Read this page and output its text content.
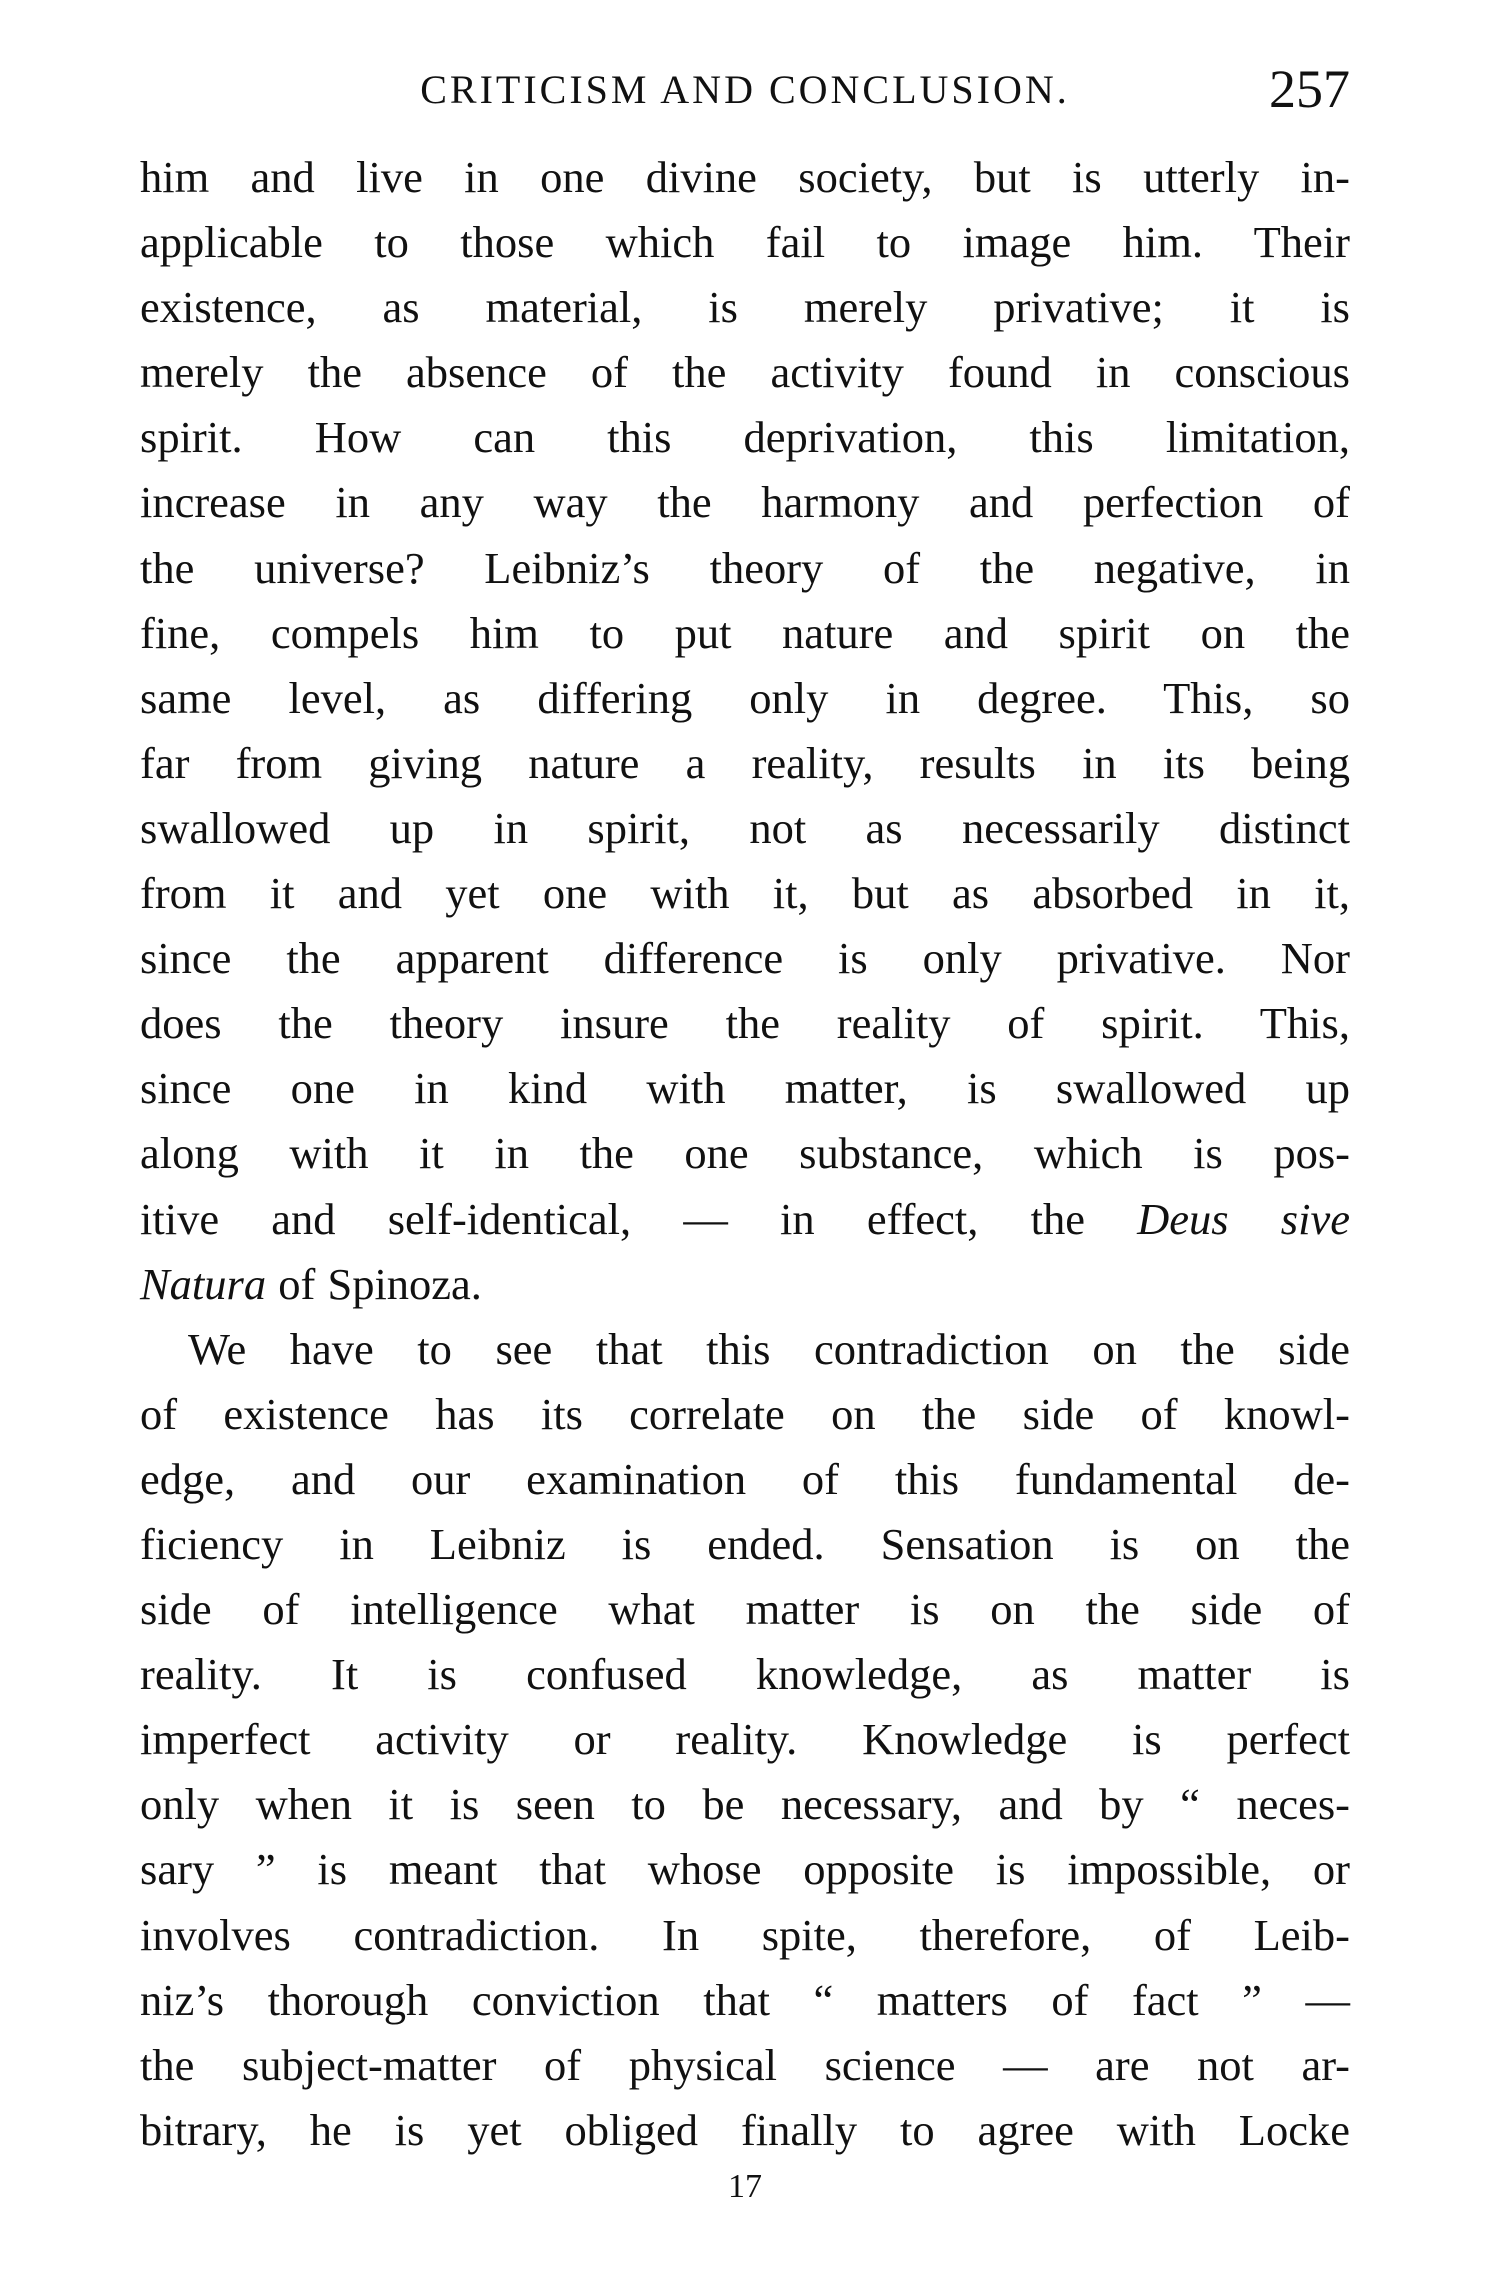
CRITICISM AND CONCLUSION.	257

him and live in one divine society, but is utterly in-
applicable to those which fail to image him. Their
existence, as material, is merely privative; it is
merely the absence of the activity found in conscious
spirit. How can this deprivation, this limitation,
increase in any way the harmony and perfection of
the universe? Leibniz’s theory of the negative, in
fine, compels him to put nature and spirit on the
same level, as differing only in degree. This, so
far from giving nature a reality, results in its being
swallowed up in spirit, not as necessarily distinct
from it and yet one with it, but as absorbed in it,
since the apparent difference is only privative. Nor
does the theory insure the reality of spirit. This,
since one in kind with matter, is swallowed up
along with it in the one substance, which is pos-
itive and self-identical, — in effect, the Deus sive
Natura of Spinoza.

We have to see that this contradiction on the side
of existence has its correlate on the side of knowl-
edge, and our examination of this fundamental de-
ficiency in Leibniz is ended. Sensation is on the
side of intelligence what matter is on the side of
reality. It is confused knowledge, as matter is
imperfect activity or reality. Knowledge is perfect
only when it is seen to be necessary, and by “ neces-
sary ” is meant that whose opposite is impossible, or
involves contradiction. In spite, therefore, of Leib-
niz’s thorough conviction that “ matters of fact ” —
the subject-matter of physical science — are not ar-
bitrary, he is yet obliged finally to agree with Locke

17
